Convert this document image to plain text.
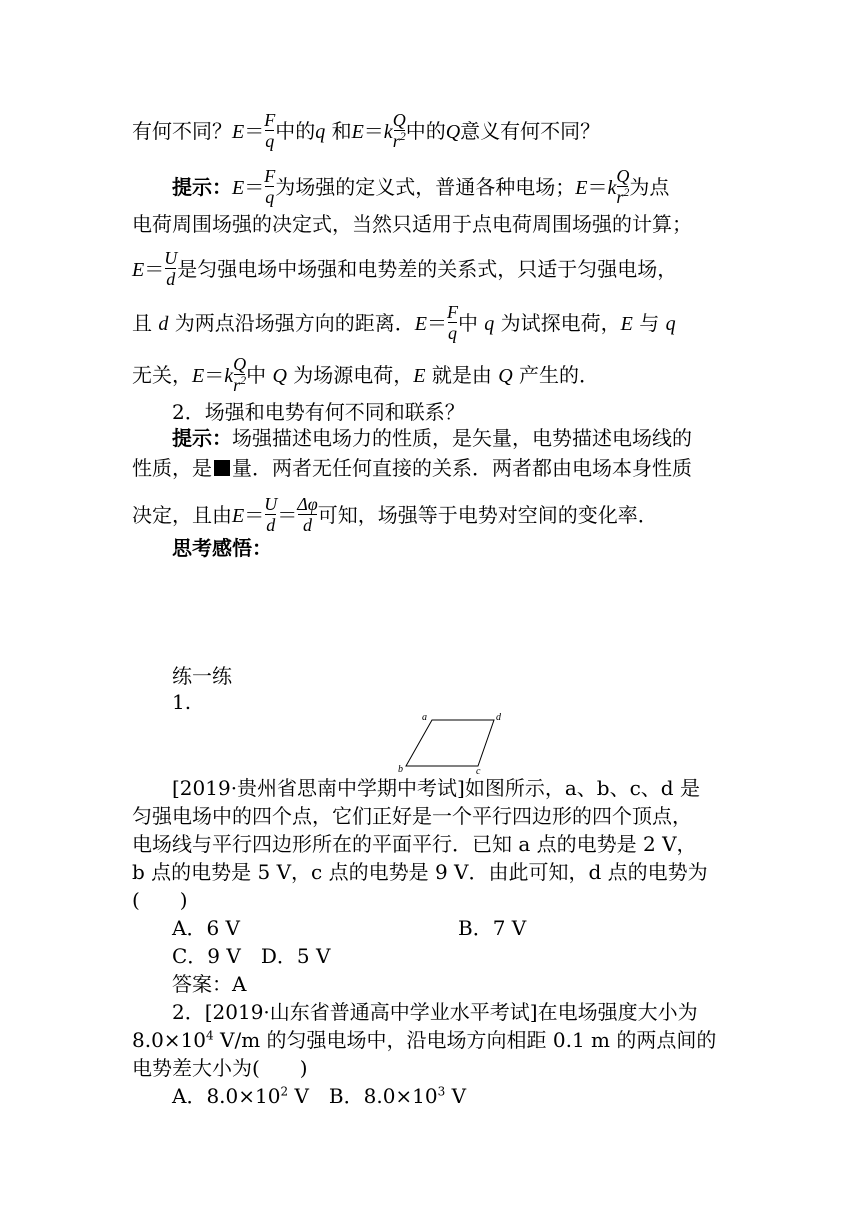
有何不同？$E= \frac{F}{q}$ 中的q 和$E=k \frac{Q}{r^2}$ 中的Q意义有何不同？
提示：$E= \frac{F}{q}$ 为场强的定义式，普通各种电场；$E=k \frac{Q}{r^2}$ 为点
电荷周围场强的决定式，当然只适用于点电荷周围场强的计算；
$E= \frac{U}{d}$ 是匀强电场中场强和电势差的关系式，只适于匀强电场，
且 d 为两点沿场强方向的距离．$E= \frac{F}{q}$ 中 q 为试探电荷，E 与 q
无关，$E=k \frac{Q}{r^2}$ 中 Q 为场源电荷，E 就是由 Q 产生的．
2．场强和电势有何不同和联系？
提示：场强描述电场力的性质，是矢量，电势描述电场线的
性质，是 量．两者无任何直接的关系．两者都由电场本身性质
决定，且由$E= \frac{U}{d} = \frac{\Delta\varphi}{d}$ 可知，场强等于电势对空间的变化率．
思考感悟：
练一练
1.
a	d
b	c
[2019·贵州省思南中学期中考试]如图所示，a、b、c、d 是
匀强电场中的四个点，它们正好是一个平行四边形的四个顶点，
电场线与平行四边形所在的平面平行．已知 a 点的电势是 2 V，
b 点的电势是 5 V，c 点的电势是 9 V．由此可知，d 点的电势为
(　　)
A．6 V	B．7 V
C．9 V　D．5 V
答案：A
2．[2019·山东省普通高中学业水平考试]在电场强度大小为
$8.0\times 10^4$ V/m 的匀强电场中，沿电场方向相距 0.1 m 的两点间的
电势差大小为(　　)
A．$8.0\times 10^2$ V　B．$8.0\times 10^3$ V
